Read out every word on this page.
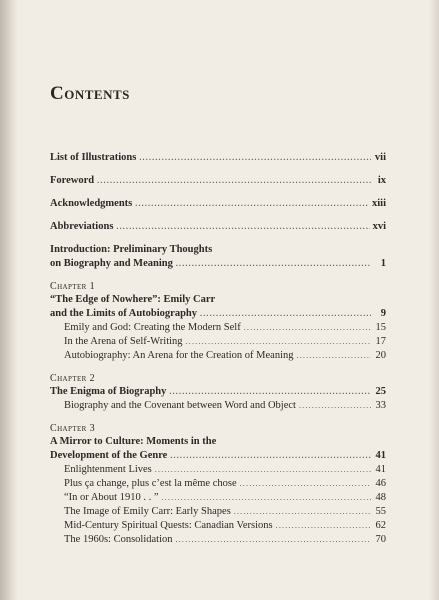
Contents
List of Illustrations .....	vii
Foreword .....	ix
Acknowledgments .....	xiii
Abbreviations .....	xvi
Introduction: Preliminary Thoughts
on Biography and Meaning .....	1
Chapter 1
“The Edge of Nowhere”: Emily Carr
and the Limits of Autobiography .....	9
Emily and God: Creating the Modern Self .....	15
In the Arena of Self-Writing .....	17
Autobiography: An Arena for the Creation of Meaning .....	20
Chapter 2
The Enigma of Biography .....	25
Biography and the Covenant between Word and Object .....	33
Chapter 3
A Mirror to Culture: Moments in the
Development of the Genre .....	41
Enlightenment Lives .....	41
Plus ça change, plus c’est la même chose .....	46
“In or About 1910 . . ” .....	48
The Image of Emily Carr: Early Shapes .....	55
Mid-Century Spiritual Quests: Canadian Versions .....	62
The 1960s: Consolidation .....	70
